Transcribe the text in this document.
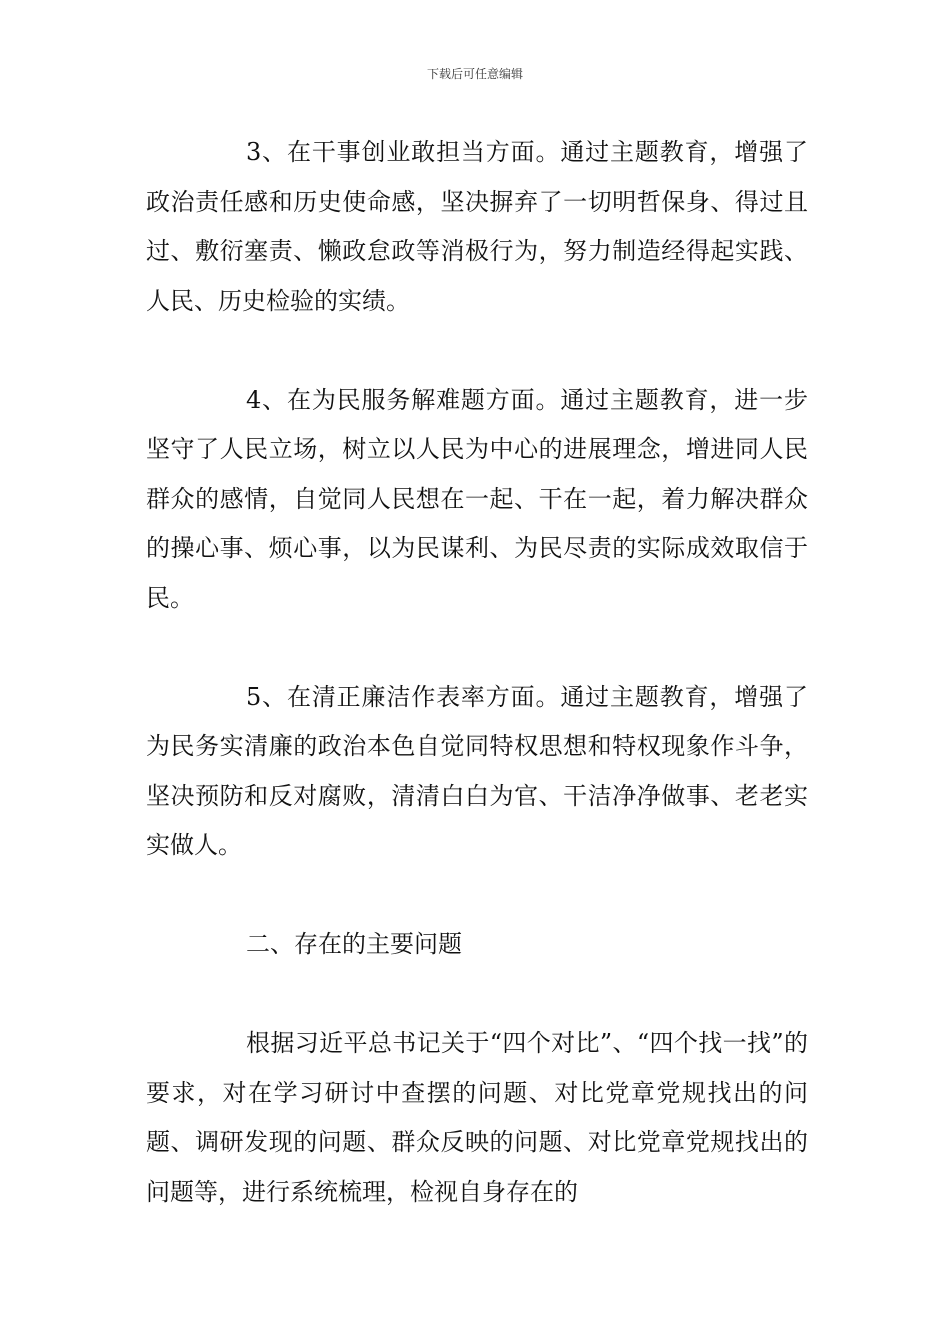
下载后可任意编辑

3、在干事创业敢担当方面。通过主题教育，增强了政治责任感和历史使命感，坚决摒弃了一切明哲保身、得过且过、敷衍塞责、懒政怠政等消极行为，努力制造经得起实践、人民、历史检验的实绩。

4、在为民服务解难题方面。通过主题教育，进一步坚守了人民立场，树立以人民为中心的进展理念，增进同人民群众的感情，自觉同人民想在一起、干在一起，着力解决群众的操心事、烦心事，以为民谋利、为民尽责的实际成效取信于民。

5、在清正廉洁作表率方面。通过主题教育，增强了为民务实清廉的政治本色自觉同特权思想和特权现象作斗争，坚决预防和反对腐败，清清白白为官、干洁净净做事、老老实实做人。

二、存在的主要问题

根据习近平总书记关于“四个对比”、“四个找一找”的要求，对在学习研讨中查摆的问题、对比党章党规找出的问题、调研发现的问题、群众反映的问题、对比党章党规找出的问题等，进行系统梳理，检视自身存在的
